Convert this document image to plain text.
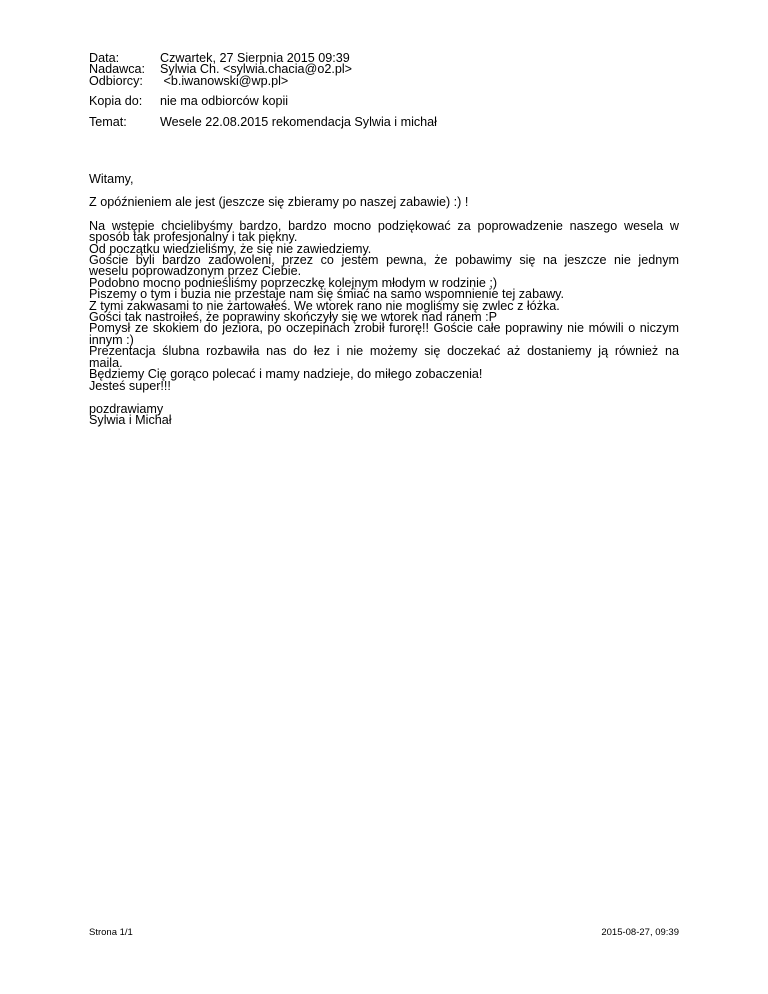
Data:	Czwartek, 27 Sierpnia 2015 09:39
Nadawca:	Sylwia Ch. <sylwia.chacia@o2.pl>
Odbiorcy:	<b.iwanowski@wp.pl>
Kopia do:	nie ma odbiorców kopii
Temat:	Wesele 22.08.2015 rekomendacja Sylwia i michał

Witamy,

Z opóźnieniem ale jest (jeszcze się zbieramy po naszej zabawie) :) !

Na wstępie chcielibyśmy bardzo, bardzo mocno podziękować za poprowadzenie naszego wesela w
sposób tak profesjonalny i tak piękny.
Od początku wiedzieliśmy, że się nie zawiedziemy.
Goście byli bardzo zadowoleni, przez co jestem pewna, że pobawimy się na jeszcze nie jednym
weselu poprowadzonym przez Ciebie.
Podobno mocno podnieśliśmy poprzeczkę kolejnym młodym w rodzinie ;)
Piszemy o tym i buzia nie przestaje nam się śmiać na samo wspomnienie tej zabawy.
Z tymi zakwasami to nie żartowałeś. We wtorek rano nie mogliśmy się zwlec z łóżka.
Gości tak nastroiłeś, że poprawiny skończyły się we wtorek nad ranem :P
Pomysł ze skokiem do jeziora, po oczepinach zrobił furorę!! Goście całe poprawiny nie mówili o niczym
innym :)
Prezentacja ślubna rozbawiła nas do łez i nie możemy się doczekać aż dostaniemy ją również na
maila.
Będziemy Cię gorąco polecać i mamy nadzieje, do miłego zobaczenia!
Jesteś super!!!
pozdrawiamy
Sylwia i Michał
Strona 1/1	2015-08-27, 09:39
